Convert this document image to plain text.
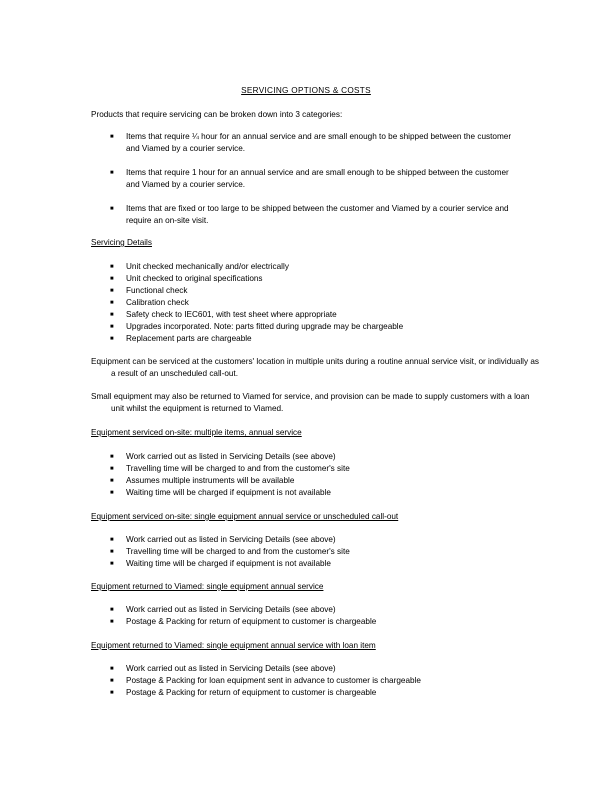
SERVICING OPTIONS & COSTS
Products that require servicing can be broken down into 3 categories:
■ Items that require ¼ hour for an annual service and are small enough to be shipped between the customer and Viamed by a courier service.
■ Items that require 1 hour for an annual service and are small enough to be shipped between the customer and Viamed by a courier service.
■ Items that are fixed or too large to be shipped between the customer and Viamed by a courier service and require an on-site visit.
Servicing Details
■ Unit checked mechanically and/or electrically
■ Unit checked to original specifications
■ Functional check
■ Calibration check
■ Safety check to IEC601, with test sheet where appropriate
■ Upgrades incorporated. Note: parts fitted during upgrade may be chargeable
■ Replacement parts are chargeable
Equipment can be serviced at the customers' location in multiple units during a routine annual service visit, or individually as a result of an unscheduled call-out.
Small equipment may also be returned to Viamed for service, and provision can be made to supply customers with a loan unit whilst the equipment is returned to Viamed.
Equipment serviced on-site: multiple items, annual service
■ Work carried out as listed in Servicing Details (see above)
■ Travelling time will be charged to and from the customer's site
■ Assumes multiple instruments will be available
■ Waiting time will be charged if equipment is not available
Equipment serviced on-site: single equipment annual service or unscheduled call-out
■ Work carried out as listed in Servicing Details (see above)
■ Travelling time will be charged to and from the customer's site
■ Waiting time will be charged if equipment is not available
Equipment returned to Viamed: single equipment annual service
■ Work carried out as listed in Servicing Details (see above)
■ Postage & Packing for return of equipment to customer is chargeable
Equipment returned to Viamed: single equipment annual service with loan item
■ Work carried out as listed in Servicing Details (see above)
■ Postage & Packing for loan equipment sent in advance to customer is chargeable
■ Postage & Packing for return of equipment to customer is chargeable
